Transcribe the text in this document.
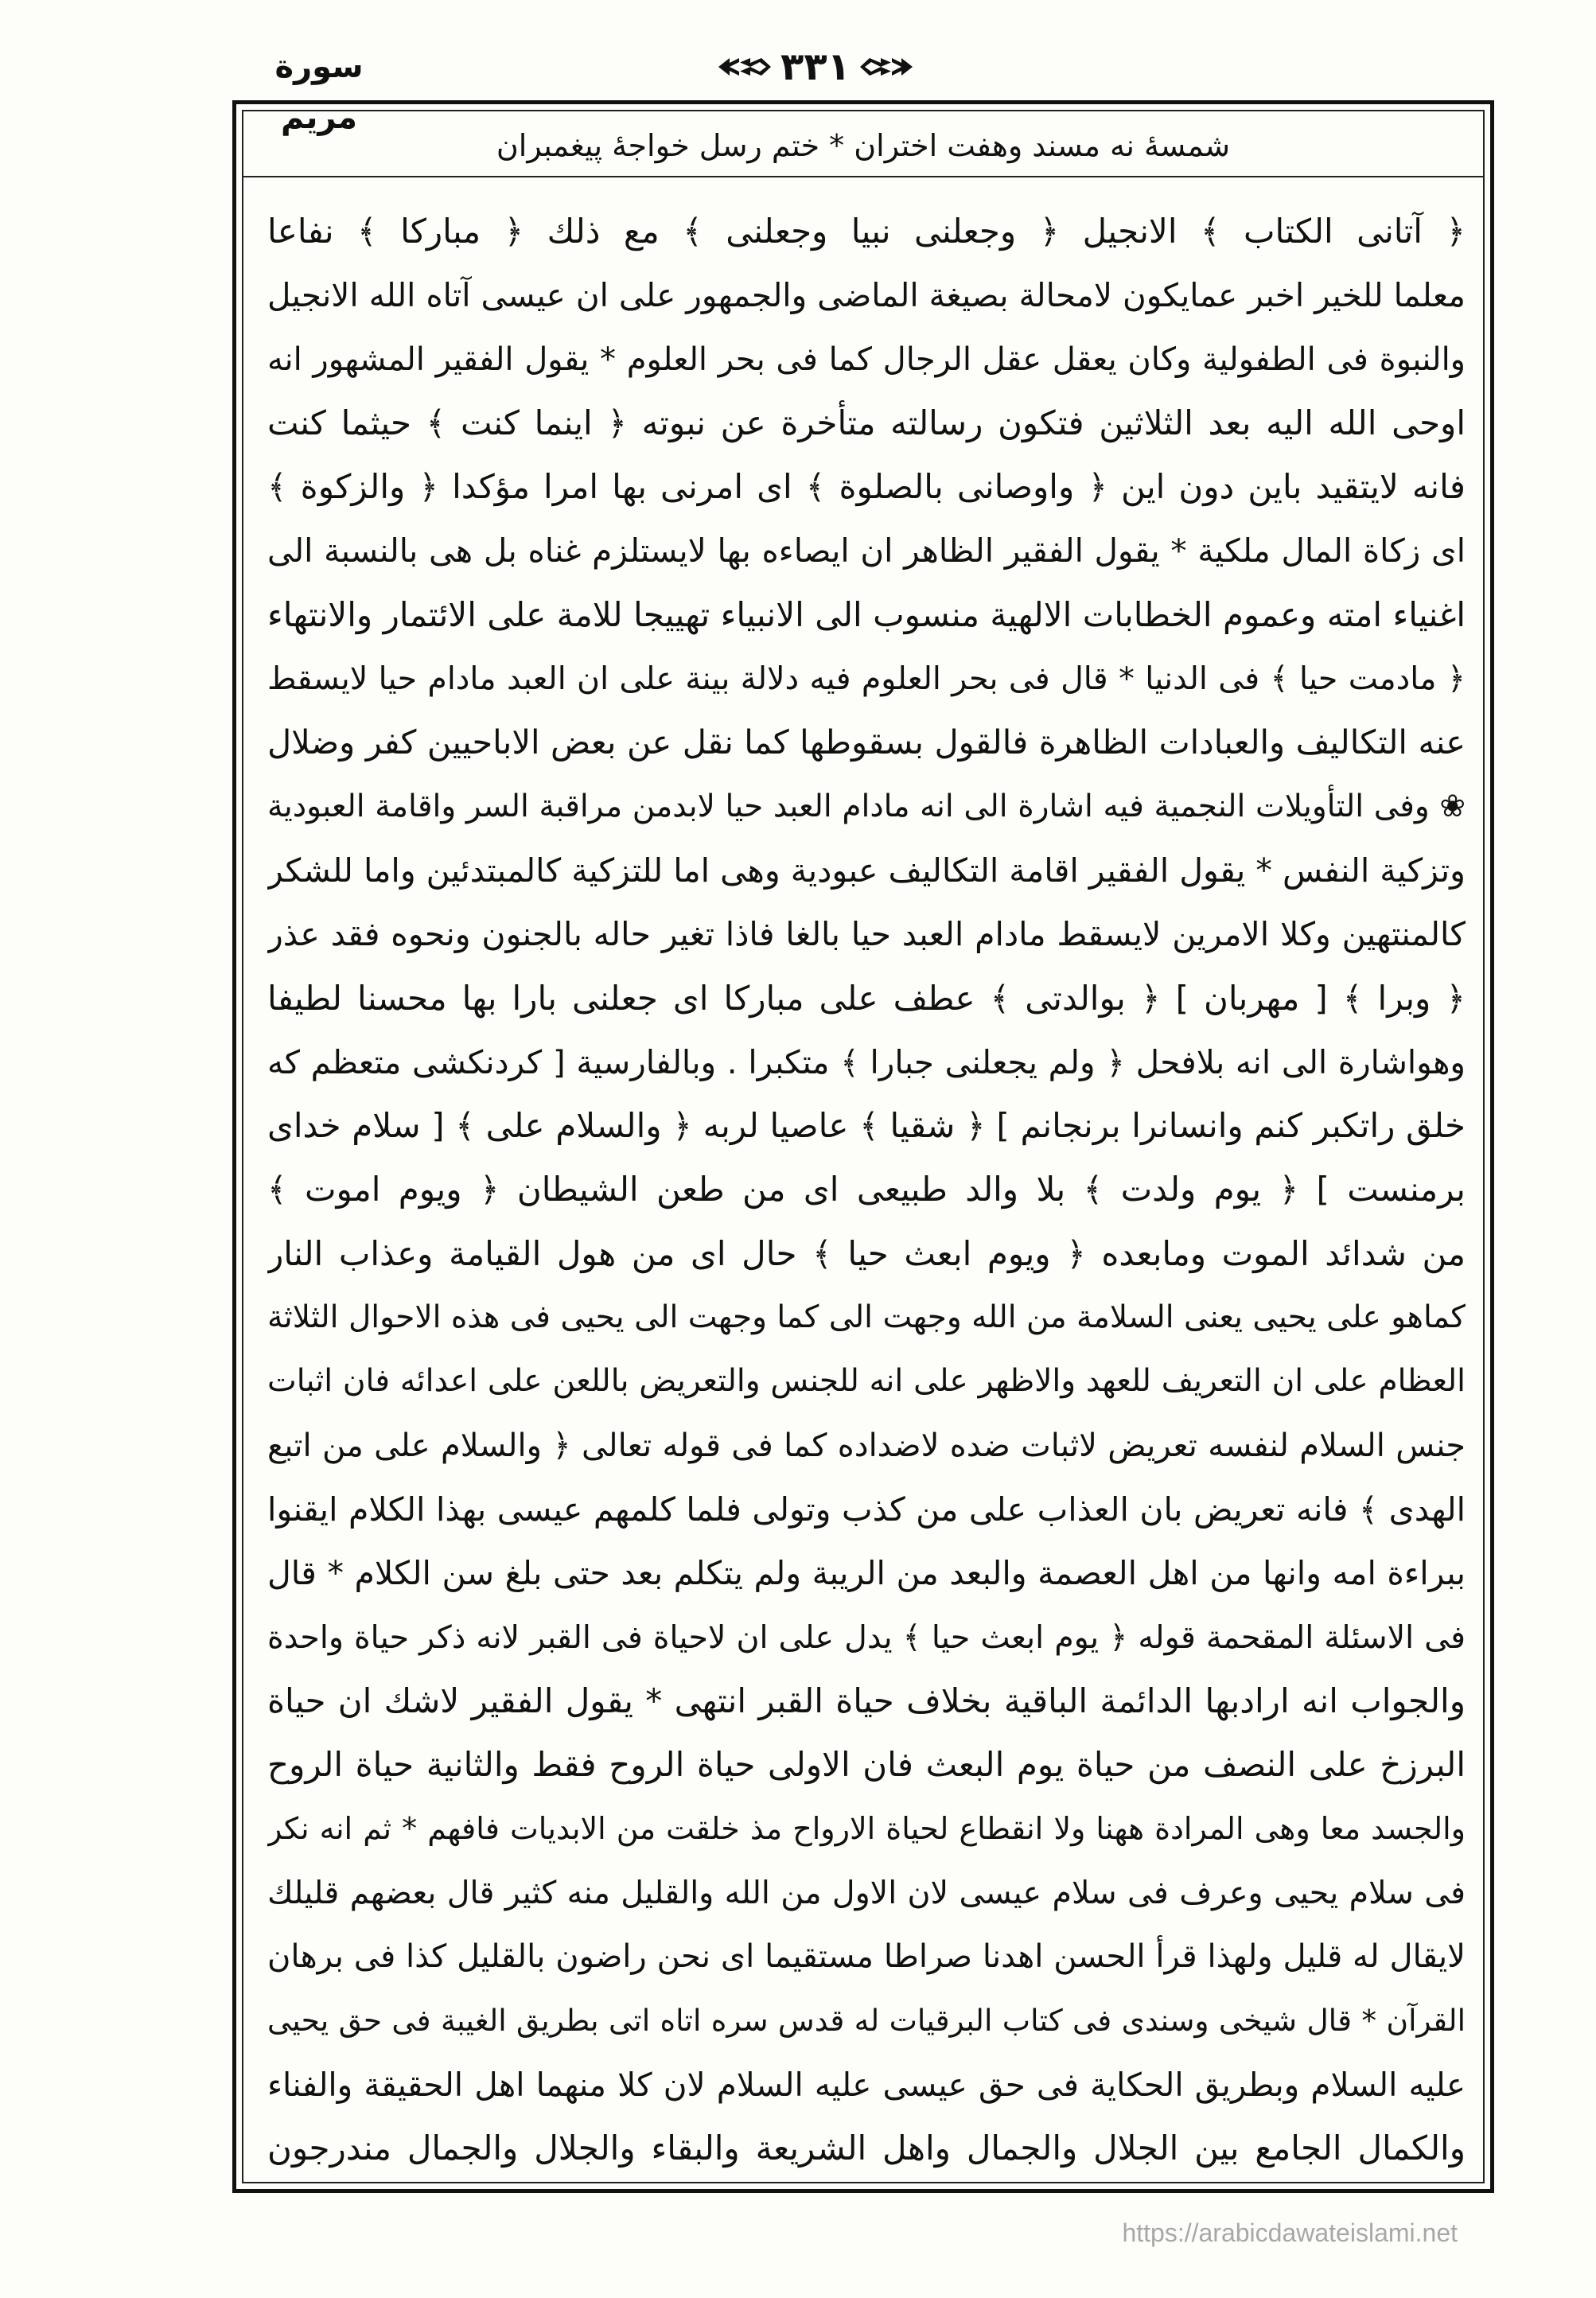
سورة مريم
٣٣١
شمسهٔ نه مسند وهفت اختران * ختم رسل خواجهٔ پیغمبران
﴿ آتانى الكتاب ﴾ الانجيل ﴿ وجعلنى نبيا وجعلنى ﴾ مع ذلك ﴿ مباركا ﴾ نفاعا
معلما للخير اخبر عمايكون لامحالة بصيغة الماضى والجمهور على ان عيسى آتاه الله الانجيل
والنبوة فى الطفولية وكان يعقل عقل الرجال كما فى بحر العلوم * يقول الفقير المشهور انه
اوحى الله اليه بعد الثلاثين فتكون رسالته متأخرة عن نبوته ﴿ اينما كنت ﴾ حيثما كنت
فانه لايتقيد باين دون اين ﴿ واوصانى بالصلوة ﴾ اى امرنى بها امرا مؤكدا ﴿ والزكوة ﴾
اى زكاة المال ملكية * يقول الفقير الظاهر ان ايصاءه بها لايستلزم غناه بل هى بالنسبة الى
اغنياء امته وعموم الخطابات الالهية منسوب الى الانبياء تهييجا للامة على الائتمار والانتهاء
﴿ مادمت حيا ﴾ فى الدنيا * قال فى بحر العلوم فيه دلالة بينة على ان العبد مادام حيا لايسقط
عنه التكاليف والعبادات الظاهرة فالقول بسقوطها كما نقل عن بعض الاباحيين كفر وضلال
❀ وفى التأويلات النجمية فيه اشارة الى انه مادام العبد حيا لابدمن مراقبة السر واقامة العبودية
وتزكية النفس * يقول الفقير اقامة التكاليف عبودية وهى اما للتزكية كالمبتدئين واما للشكر
كالمنتهين وكلا الامرين لايسقط مادام العبد حيا بالغا فاذا تغير حاله بالجنون ونحوه فقد عذر
﴿ وبرا ﴾ [ مهربان ] ﴿ بوالدتى ﴾ عطف على مباركا اى جعلنى بارا بها محسنا لطيفا
وهواشارة الى انه بلافحل ﴿ ولم يجعلنى جبارا ﴾ متكبرا . وبالفارسية [ كردنكشى متعظم كه
خلق راتكبر كنم وانسانرا برنجانم ] ﴿ شقيا ﴾ عاصيا لربه ﴿ والسلام على ﴾ [ سلام خداى
برمنست ] ﴿ يوم ولدت ﴾ بلا والد طبيعى اى من طعن الشيطان ﴿ ويوم اموت ﴾
من شدائد الموت ومابعده ﴿ ويوم ابعث حيا ﴾ حال اى من هول القيامة وعذاب النار
كماهو على يحيى يعنى السلامة من الله وجهت الى كما وجهت الى يحيى فى هذه الاحوال الثلاثة
العظام على ان التعريف للعهد والاظهر على انه للجنس والتعريض باللعن على اعدائه فان اثبات
جنس السلام لنفسه تعريض لاثبات ضده لاضداده كما فى قوله تعالى ﴿ والسلام على من اتبع
الهدى ﴾ فانه تعريض بان العذاب على من كذب وتولى فلما كلمهم عيسى بهذا الكلام ايقنوا
ببراءة امه وانها من اهل العصمة والبعد من الريبة ولم يتكلم بعد حتى بلغ سن الكلام * قال
فى الاسئلة المقحمة قوله ﴿ يوم ابعث حيا ﴾ يدل على ان لاحياة فى القبر لانه ذكر حياة واحدة
والجواب انه ارادبها الدائمة الباقية بخلاف حياة القبر انتهى * يقول الفقير لاشك ان حياة
البرزخ على النصف من حياة يوم البعث فان الاولى حياة الروح فقط والثانية حياة الروح
والجسد معا وهى المرادة ههنا ولا انقطاع لحياة الارواح مذ خلقت من الابديات فافهم * ثم انه نكر
فى سلام يحيى وعرف فى سلام عيسى لان الاول من الله والقليل منه كثير قال بعضهم قليلك
لايقال له قليل ولهذا قرأ الحسن اهدنا صراطا مستقيما اى نحن راضون بالقليل كذا فى برهان
القرآن * قال شيخى وسندى فى كتاب البرقيات له قدس سره اتاه اتى بطريق الغيبة فى حق يحيى
عليه السلام وبطريق الحكاية فى حق عيسى عليه السلام لان كلا منهما اهل الحقيقة والفناء
والكمال الجامع بين الجلال والجمال واهل الشريعة والبقاء والجلال والجمال مندرجون
https://arabicdawateislami.net
